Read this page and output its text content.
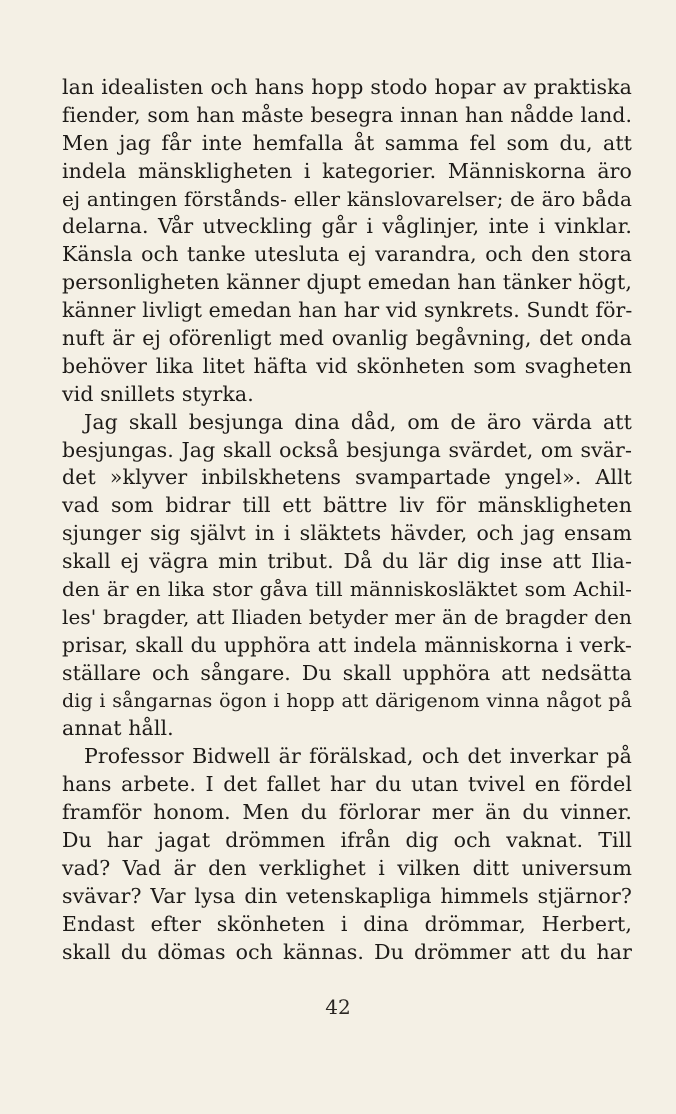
lan idealisten och hans hopp stodo hopar av praktiska
fiender, som han måste besegra innan han nådde land.
Men jag får inte hemfalla åt samma fel som du, att
indela mänskligheten i kategorier. Människorna äro
ej antingen förstånds- eller känslovarelser; de äro båda
delarna. Vår utveckling går i våglinjer, inte i vinklar.
Känsla och tanke utesluta ej varandra, och den stora
personligheten känner djupt emedan han tänker högt,
känner livligt emedan han har vid synkrets. Sundt för-
nuft är ej oförenligt med ovanlig begåvning, det onda
behöver lika litet häfta vid skönheten som svagheten
vid snillets styrka.
Jag skall besjunga dina dåd, om de äro värda att
besjungas. Jag skall också besjunga svärdet, om svär-
det »klyver inbilskhetens svampartade yngel». Allt
vad som bidrar till ett bättre liv för mänskligheten
sjunger sig självt in i släktets hävder, och jag ensam
skall ej vägra min tribut. Då du lär dig inse att Ilia-
den är en lika stor gåva till människosläktet som Achil-
les' bragder, att Iliaden betyder mer än de bragder den
prisar, skall du upphöra att indela människorna i verk-
ställare och sångare. Du skall upphöra att nedsätta
dig i sångarnas ögon i hopp att därigenom vinna något på
annat håll.
Professor Bidwell är förälskad, och det inverkar på
hans arbete. I det fallet har du utan tvivel en fördel
framför honom. Men du förlorar mer än du vinner.
Du har jagat drömmen ifrån dig och vaknat. Till
vad? Vad är den verklighet i vilken ditt universum
svävar? Var lysa din vetenskapliga himmels stjärnor?
Endast efter skönheten i dina drömmar, Herbert,
skall du dömas och kännas. Du drömmer att du har
42
